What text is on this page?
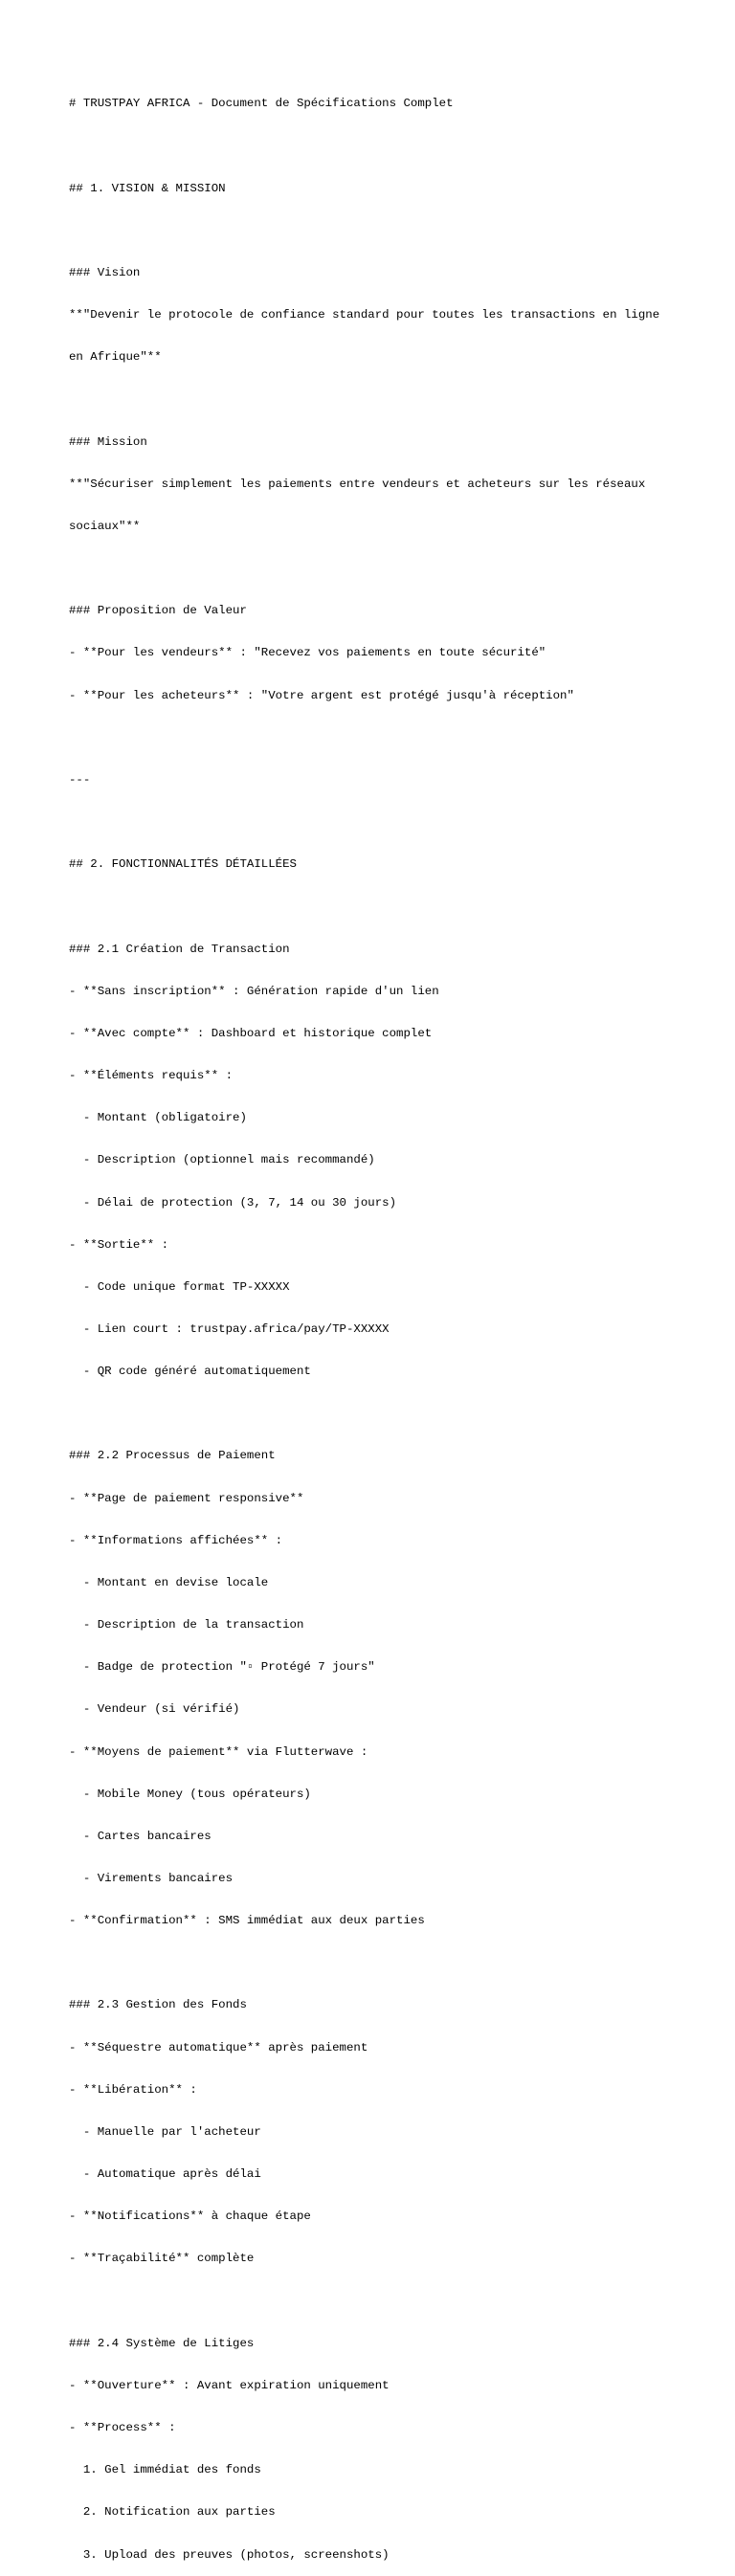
# TRUSTPAY AFRICA - Document de Spécifications Complet

## 1. VISION & MISSION

### Vision

**"Devenir le protocole de confiance standard pour toutes les transactions en ligne

en Afrique"**

### Mission

**"Sécuriser simplement les paiements entre vendeurs et acheteurs sur les réseaux

sociaux"**

### Proposition de Valeur

- **Pour les vendeurs** : "Recevez vos paiements en toute sécurité"

- **Pour les acheteurs** : "Votre argent est protégé jusqu'à réception"

---

## 2. FONCTIONNALITÉS DÉTAILLÉES

### 2.1 Création de Transaction

- **Sans inscription** : Génération rapide d'un lien

- **Avec compte** : Dashboard et historique complet

- **Éléments requis** :

- Montant (obligatoire)

- Description (optionnel mais recommandé)

- Délai de protection (3, 7, 14 ou 30 jours)

- **Sortie** :

- Code unique format TP-XXXXX

- Lien court : trustpay.africa/pay/TP-XXXXX

- QR code généré automatiquement

### 2.2 Processus de Paiement

- **Page de paiement responsive**

- **Informations affichées** :

- Montant en devise locale

- Description de la transaction

- Badge de protection "▫ Protégé 7 jours"

- Vendeur (si vérifié)

- **Moyens de paiement** via Flutterwave :

- Mobile Money (tous opérateurs)

- Cartes bancaires

- Virements bancaires

- **Confirmation** : SMS immédiat aux deux parties

### 2.3 Gestion des Fonds

- **Séquestre automatique** après paiement

- **Libération** :

- Manuelle par l'acheteur

- Automatique après délai

- **Notifications** à chaque étape

- **Traçabilité** complète

### 2.4 Système de Litiges

- **Ouverture** : Avant expiration uniquement

- **Process** :

1. Gel immédiat des fonds

2. Notification aux parties

3. Upload des preuves (photos, screenshots)
